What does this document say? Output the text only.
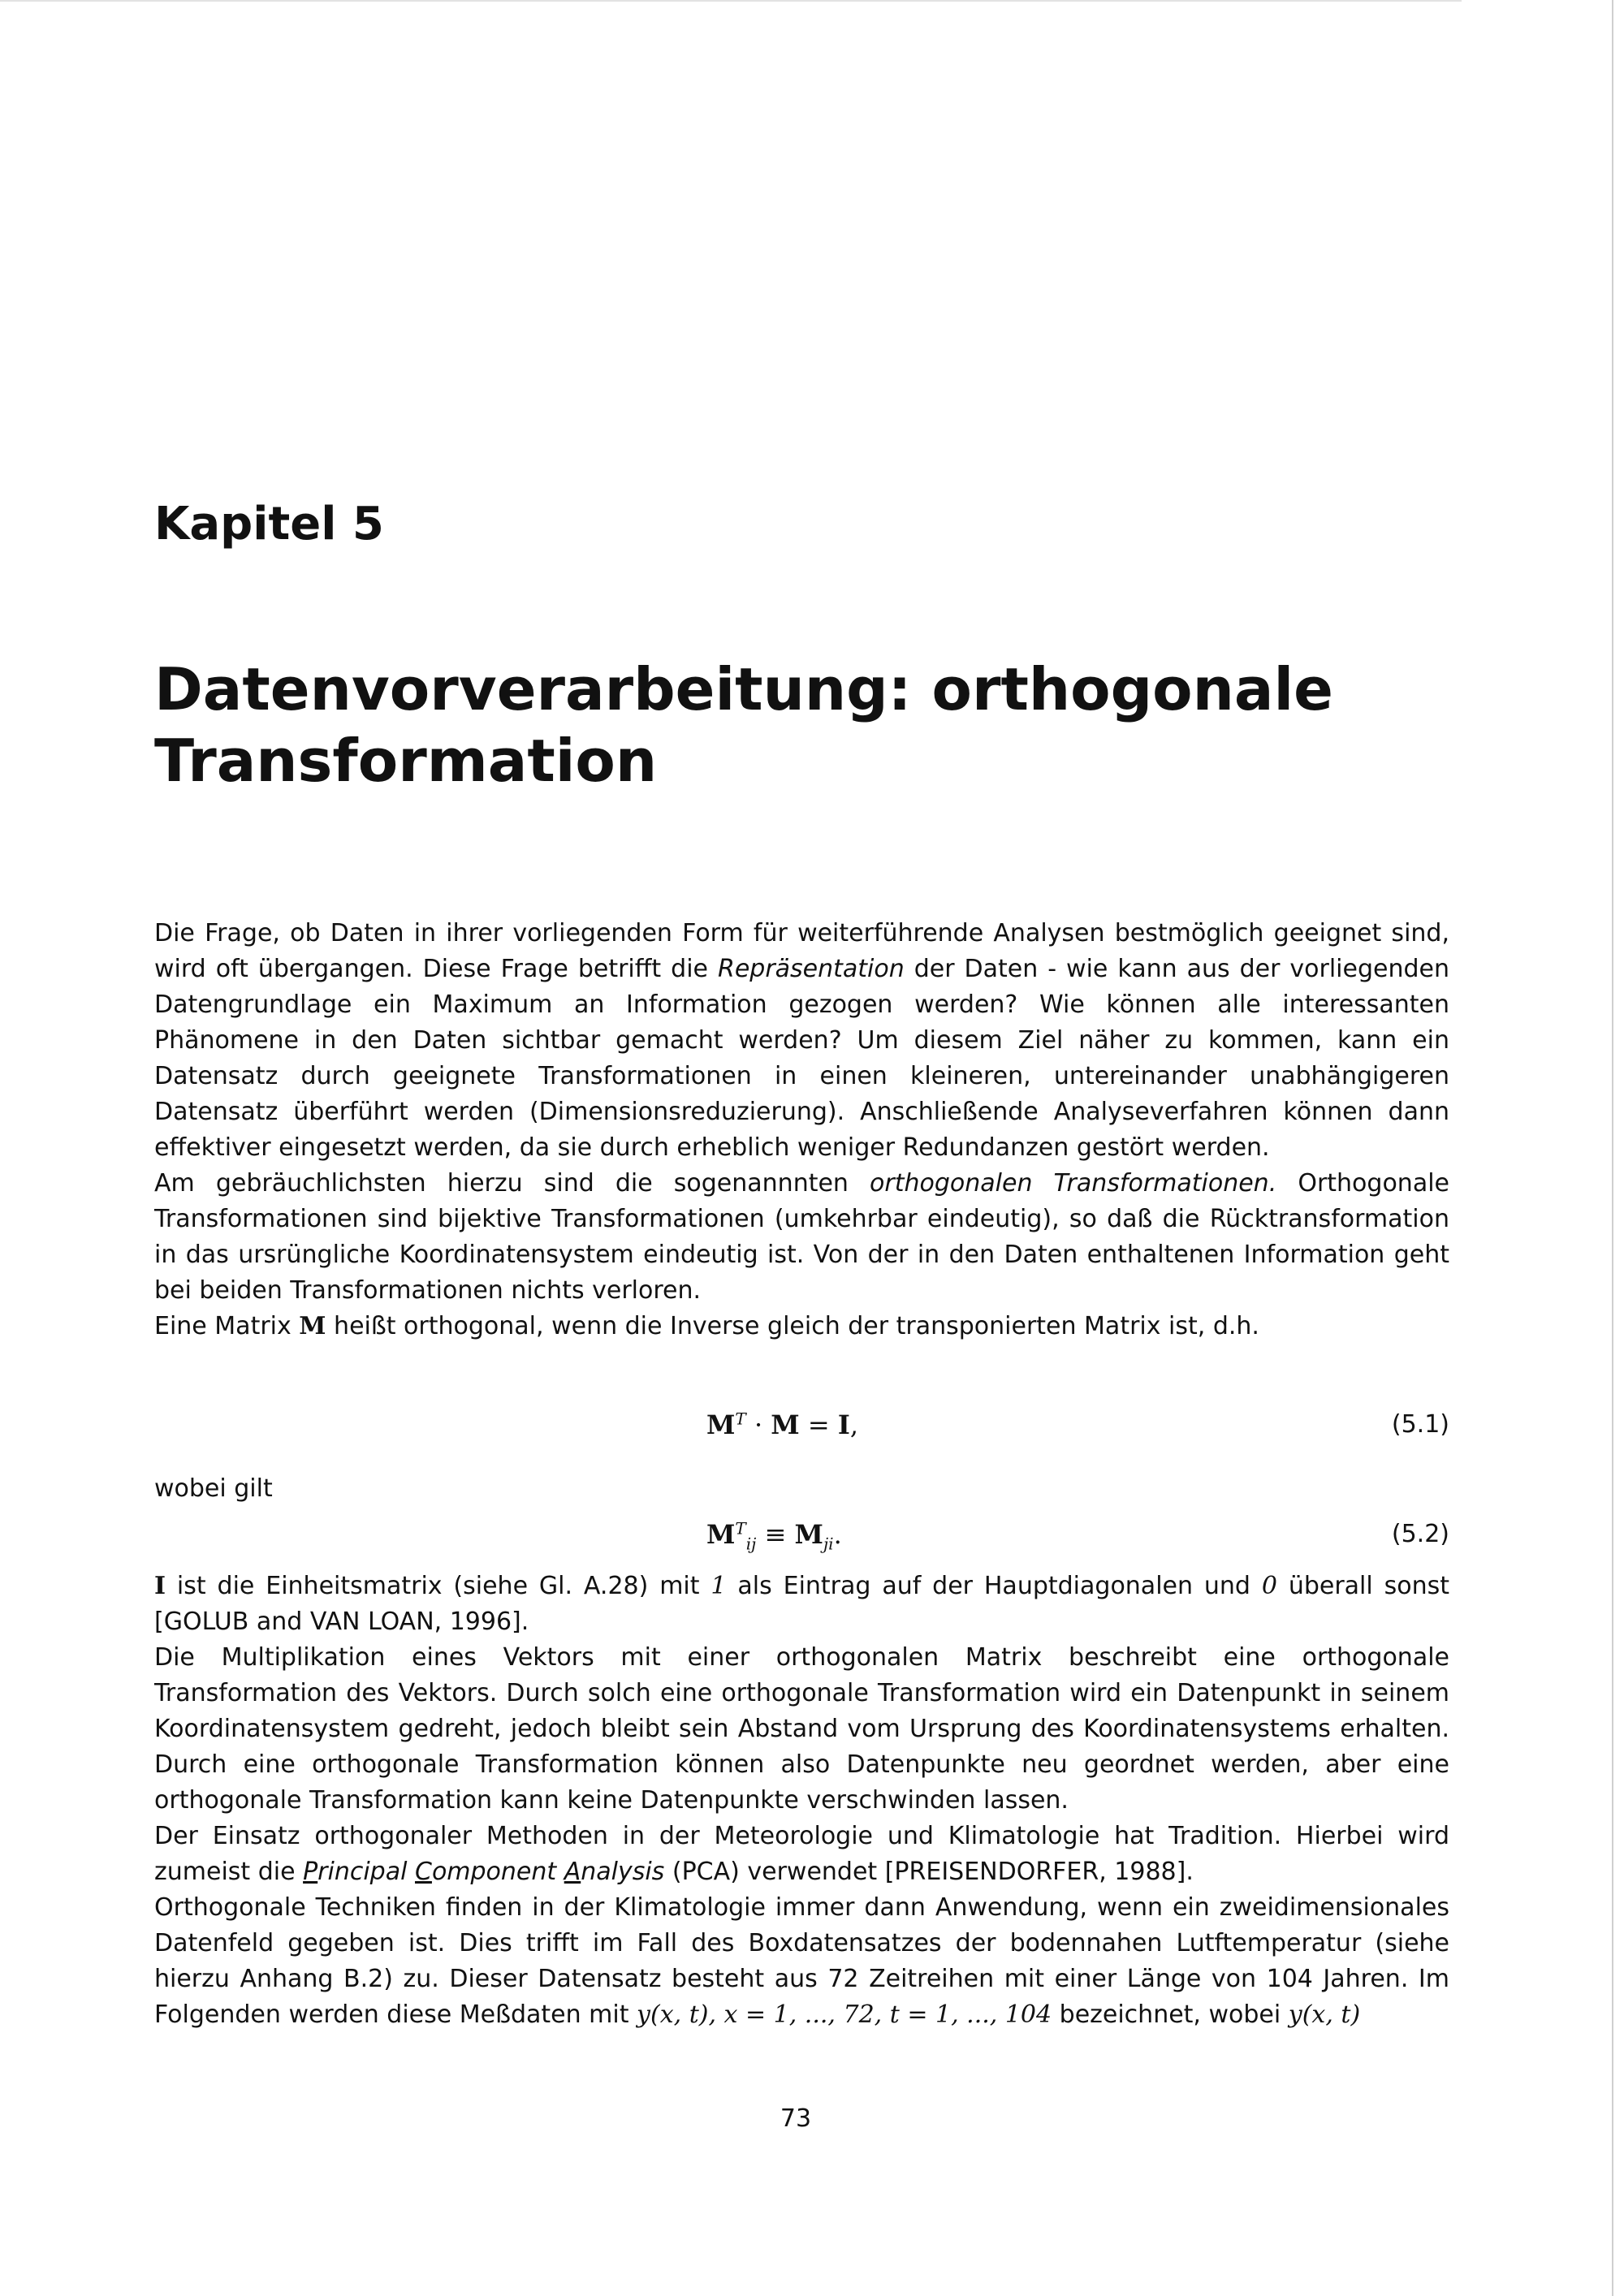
Kapitel 5
Datenvorverarbeitung: orthogonale
Transformation

Die Frage, ob Daten in ihrer vorliegenden Form für weiterführende Analysen bestmöglich geeignet sind, wird oft übergangen. Diese Frage betrifft die Repräsentation der Daten - wie kann aus der vorliegenden Datengrundlage ein Maximum an Information gezogen werden? Wie können alle interessanten Phänomene in den Daten sichtbar gemacht werden? Um diesem Ziel näher zu kommen, kann ein Datensatz durch geeignete Transformationen in einen kleineren, untereinander unabhängigeren Datensatz überführt werden (Dimensionsreduzierung). Anschließende Analyseverfahren können dann effektiver eingesetzt werden, da sie durch erheblich weniger Redundanzen gestört werden.

Am gebräuchlichsten hierzu sind die sogenannnten orthogonalen Transformationen. Orthogonale Transformationen sind bijektive Transformationen (umkehrbar eindeutig), so daß die Rücktransformation in das ursrüngliche Koordinatensystem eindeutig ist. Von der in den Daten enthaltenen Information geht bei beiden Transformationen nichts verloren.

Eine Matrix M heißt orthogonal, wenn die Inverse gleich der transponierten Matrix ist, d.h.

$M^T \cdot M = I$,	(5.1)
wobei gilt
$M^T_{ij} \equiv M_{ji}$.	(5.2)

I ist die Einheitsmatrix (siehe Gl. A.28) mit 1 als Eintrag auf der Hauptdiagonalen und 0 überall sonst [GOLUB and VAN LOAN, 1996].

Die Multiplikation eines Vektors mit einer orthogonalen Matrix beschreibt eine orthogonale Transformation des Vektors. Durch solch eine orthogonale Transformation wird ein Datenpunkt in seinem Koordinatensystem gedreht, jedoch bleibt sein Abstand vom Ursprung des Koordinatensystems erhalten. Durch eine orthogonale Transformation können also Datenpunkte neu geordnet werden, aber eine orthogonale Transformation kann keine Datenpunkte verschwinden lassen.

Der Einsatz orthogonaler Methoden in der Meteorologie und Klimatologie hat Tradition. Hierbei wird zumeist die Principal Component Analysis (PCA) verwendet [PREISENDORFER, 1988].

Orthogonale Techniken finden in der Klimatologie immer dann Anwendung, wenn ein zweidimensionales Datenfeld gegeben ist. Dies trifft im Fall des Boxdatensatzes der bodennahen Lutftemperatur (siehe hierzu Anhang B.2) zu. Dieser Datensatz besteht aus 72 Zeitreihen mit einer Länge von 104 Jahren. Im Folgenden werden diese Meßdaten mit y(x, t), x = 1, ..., 72, t = 1, ..., 104 bezeichnet, wobei y(x, t)

73
